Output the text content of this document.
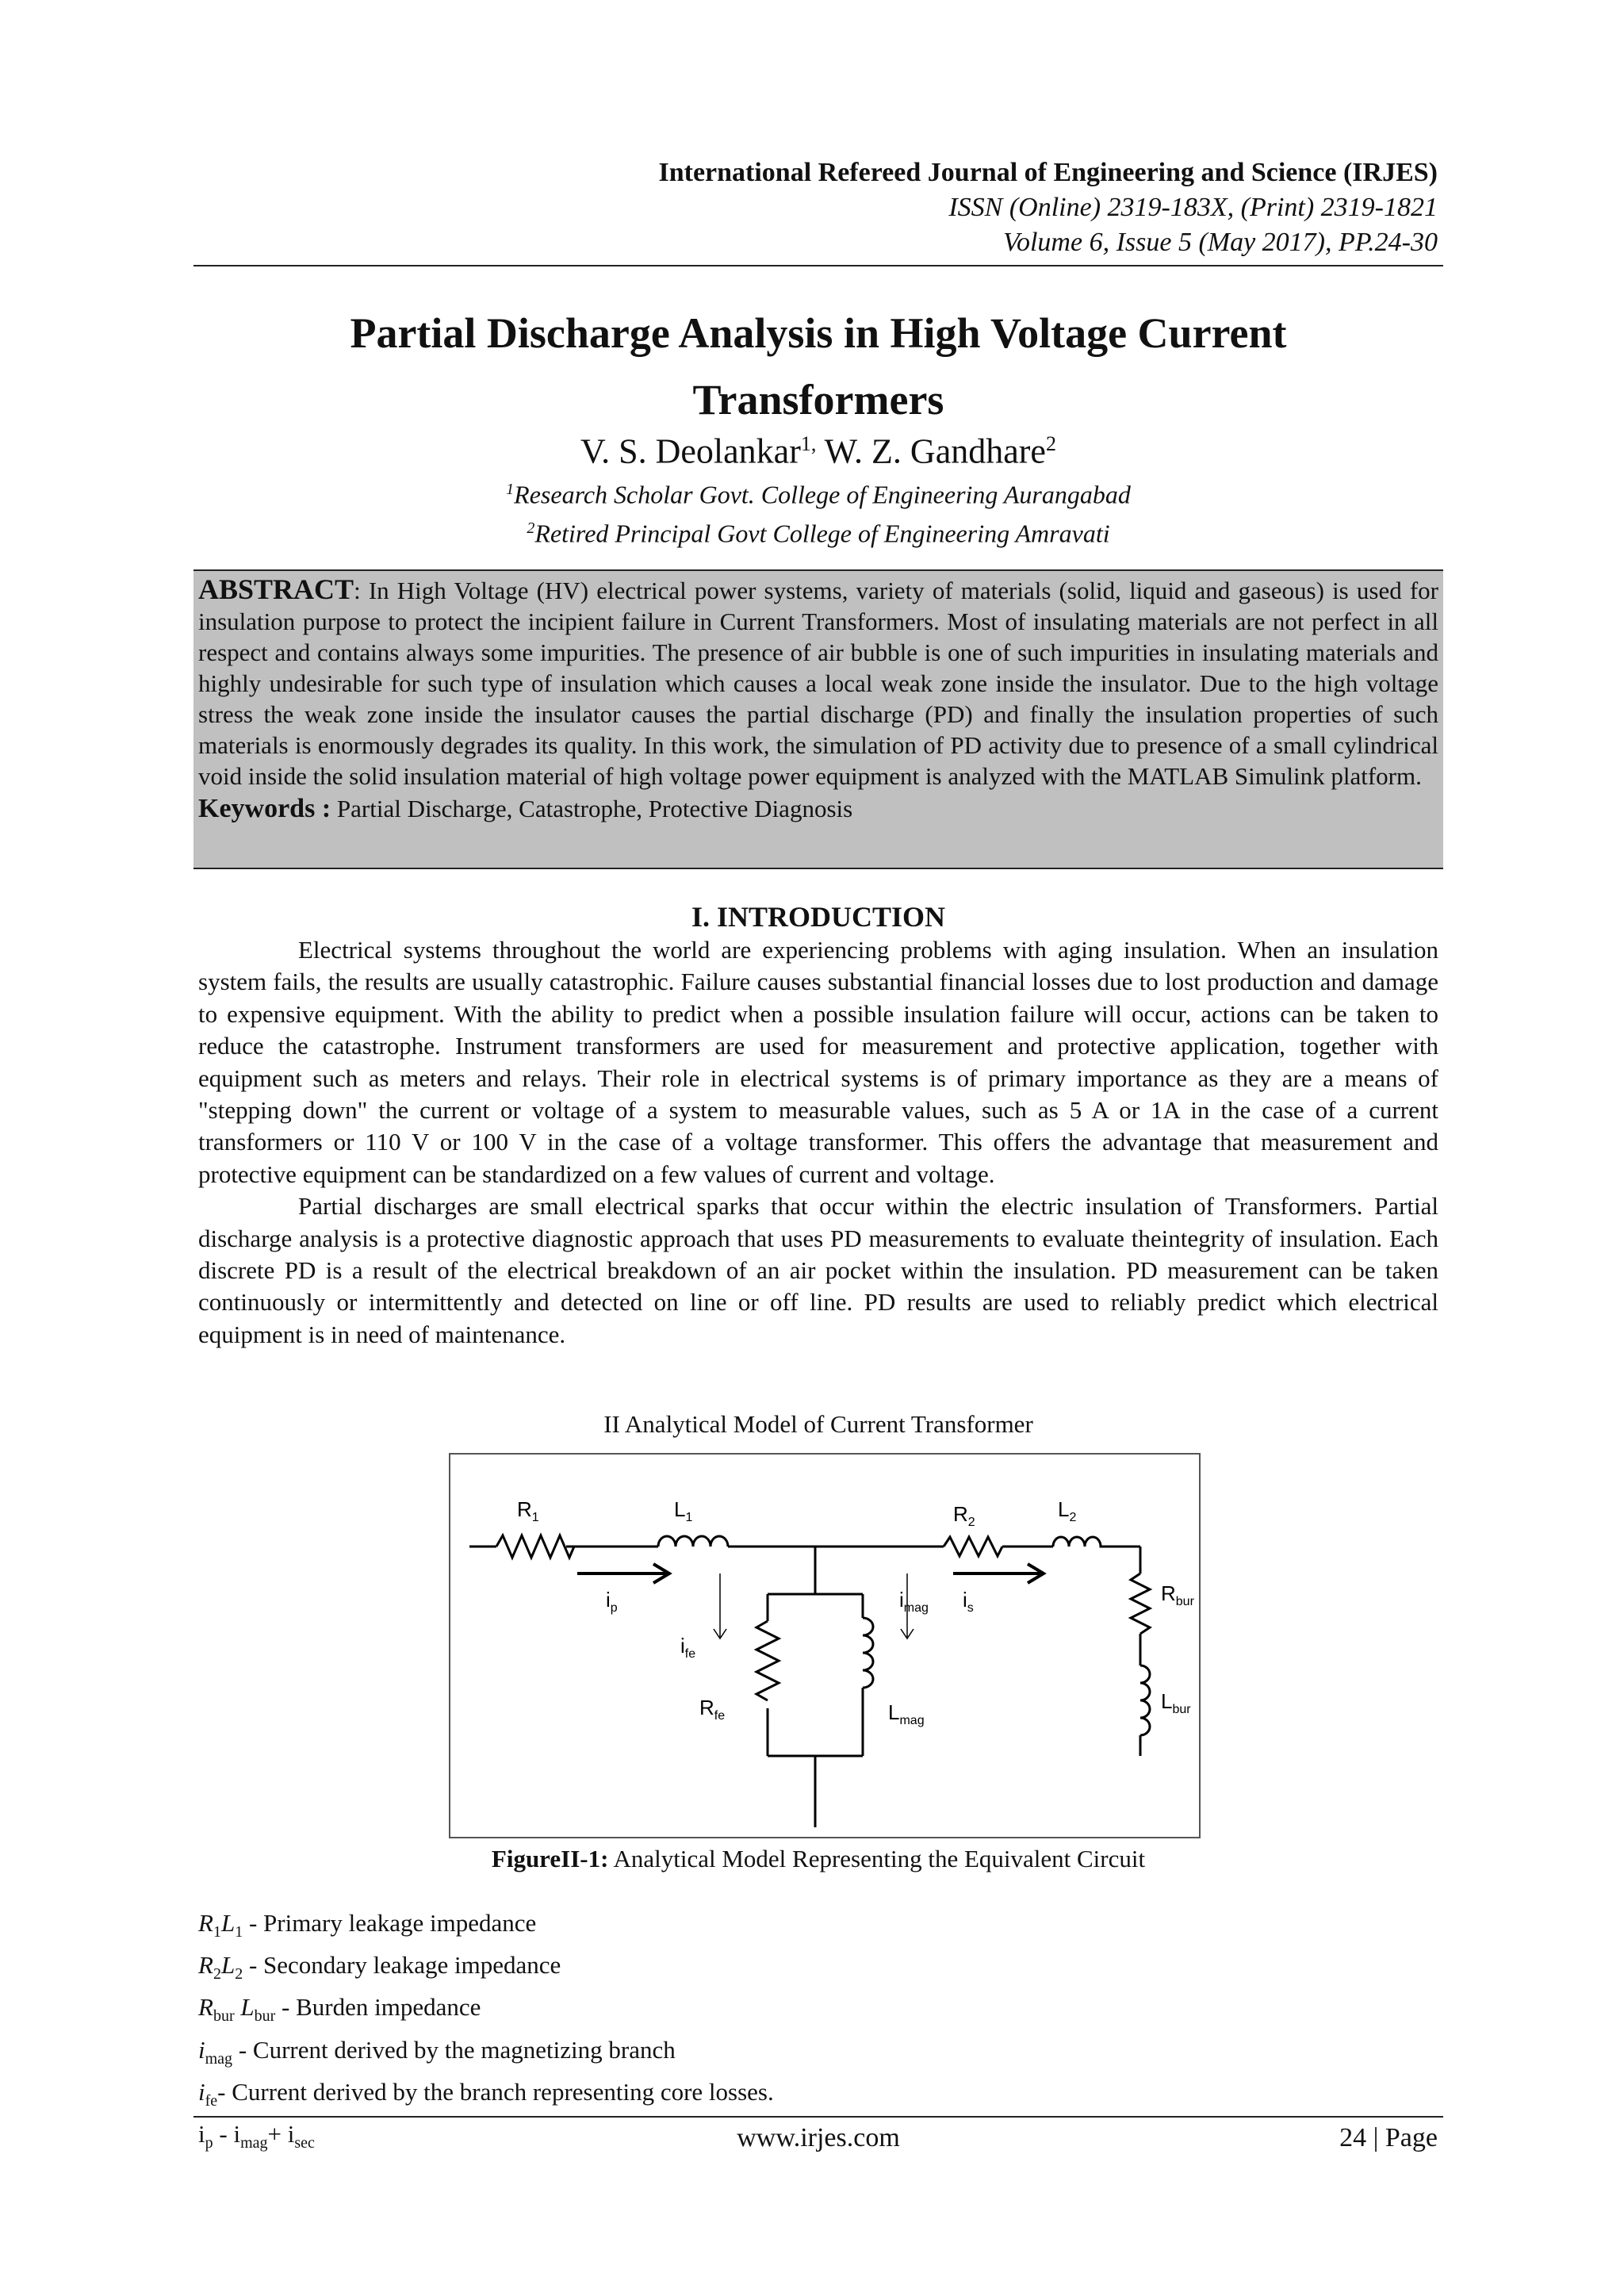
International Refereed Journal of Engineering and Science (IRJES)
ISSN (Online) 2319-183X, (Print) 2319-1821
Volume 6, Issue 5 (May 2017), PP.24-30
Partial Discharge Analysis in High Voltage Current
Transformers
V. S. Deolankar$^{1,}$ W. Z. Gandhare$^2$
$^1$Research Scholar Govt. College of Engineering Aurangabad
$^2$Retired Principal Govt College of Engineering Amravati

ABSTRACT: In High Voltage (HV) electrical power systems, variety of materials (solid, liquid and gaseous) is used for insulation purpose to protect the incipient failure in Current Transformers. Most of insulating materials are not perfect in all respect and contains always some impurities. The presence of air bubble is one of such impurities in insulating materials and highly undesirable for such type of insulation which causes a local weak zone inside the insulator. Due to the high voltage stress the weak zone inside the insulator causes the partial discharge (PD) and finally the insulation properties of such materials is enormously degrades its quality. In this work, the simulation of PD activity due to presence of a small cylindrical void inside the solid insulation material of high voltage power equipment is analyzed with the MATLAB Simulink platform.

Keywords : Partial Discharge, Catastrophe, Protective Diagnosis

I. INTRODUCTION

Electrical systems throughout the world are experiencing problems with aging insulation. When an insulation system fails, the results are usually catastrophic. Failure causes substantial financial losses due to lost production and damage to expensive equipment. With the ability to predict when a possible insulation failure will occur, actions can be taken to reduce the catastrophe. Instrument transformers are used for measurement and protective application, together with equipment such as meters and relays. Their role in electrical systems is of primary importance as they are a means of "stepping down" the current or voltage of a system to measurable values, such as 5 A or 1A in the case of a current transformers or 110 V or 100 V in the case of a voltage transformer. This offers the advantage that measurement and protective equipment can be standardized on a few values of current and voltage.

Partial discharges are small electrical sparks that occur within the electric insulation of Transformers. Partial discharge analysis is a protective diagnostic approach that uses PD measurements to evaluate theintegrity of insulation. Each discrete PD is a result of the electrical breakdown of an air pocket within the insulation. PD measurement can be taken continuously or intermittently and detected on line or off line. PD results are used to reliably predict which electrical equipment is in need of maintenance.

II Analytical Model of Current Transformer
$R_1$	$L_1$	$R_2$
$L_2$
$R_{bur}$
$L_{bur}$
$i_p$
$i_{fe}$
$i_{mag}$ $i_s$
$R_{fe}$	$L_{mag}$
FigureII-1: Analytical Model Representing the Equivalent Circuit
$R_1L_1$ - Primary leakage impedance
$R_2L_2$ - Secondary leakage impedance
$R_{bur}$ $L_{bur}$ - Burden impedance
$i_{mag}$ - Current derived by the magnetizing branch
$i_{fe}-$ Current derived by the branch representing core losses.
$i_p - i_{mag}+ i_{sec}$	www.irjes.com	24 | Page
